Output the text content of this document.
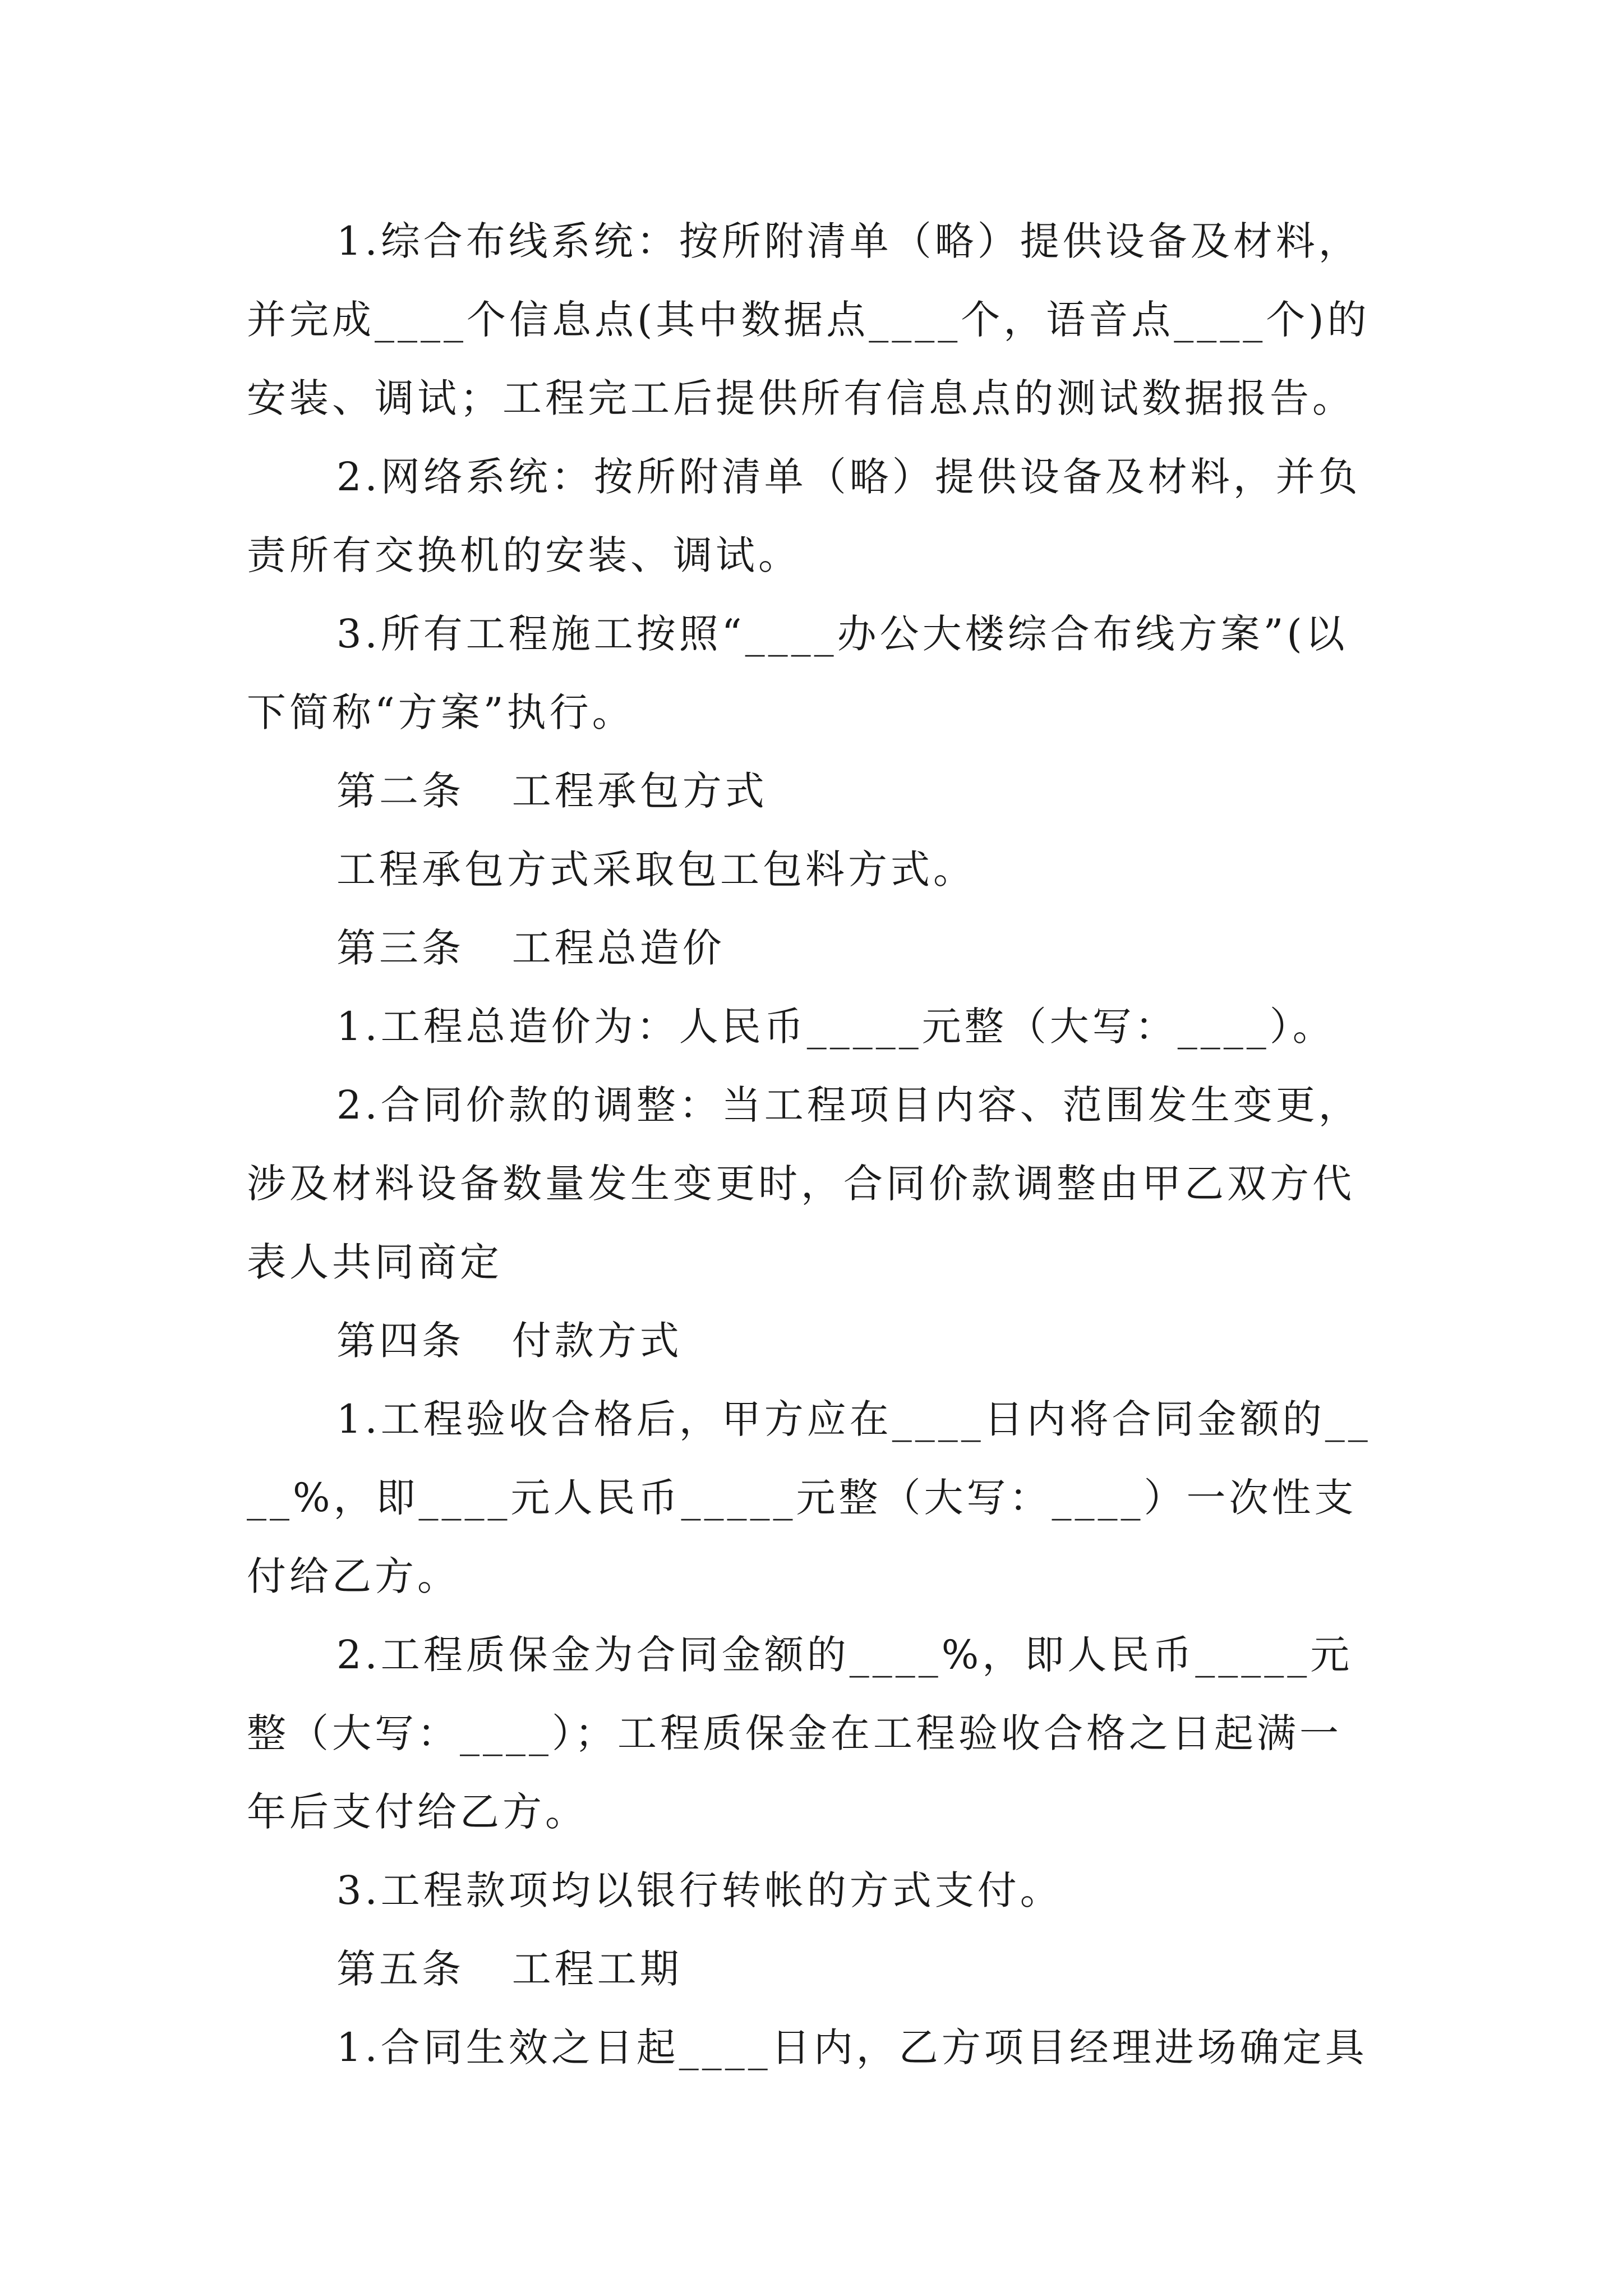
1.综合布线系统：按所附清单（略）提供设备及材料，并完成____个信息点(其中数据点____个，语音点____个)的安装、调试；工程完工后提供所有信息点的测试数据报告。

2.网络系统：按所附清单（略）提供设备及材料，并负责所有交换机的安装、调试。

3.所有工程施工按照“____办公大楼综合布线方案”(以下简称“方案”执行。

第二条   工程承包方式

工程承包方式采取包工包料方式。

第三条   工程总造价

1.工程总造价为：人民币_____元整（大写：____）。

2.合同价款的调整：当工程项目内容、范围发生变更，涉及材料设备数量发生变更时，合同价款调整由甲乙双方代表人共同商定

第四条   付款方式

1.工程验收合格后，甲方应在____日内将合同金额的____%，即____元人民币_____元整（大写：____）一次性支付给乙方。

2.工程质保金为合同金额的____%，即人民币_____元整（大写：____）；工程质保金在工程验收合格之日起满一年后支付给乙方。

3.工程款项均以银行转帐的方式支付。

第五条   工程工期

1.合同生效之日起____日内，乙方项目经理进场确定具
